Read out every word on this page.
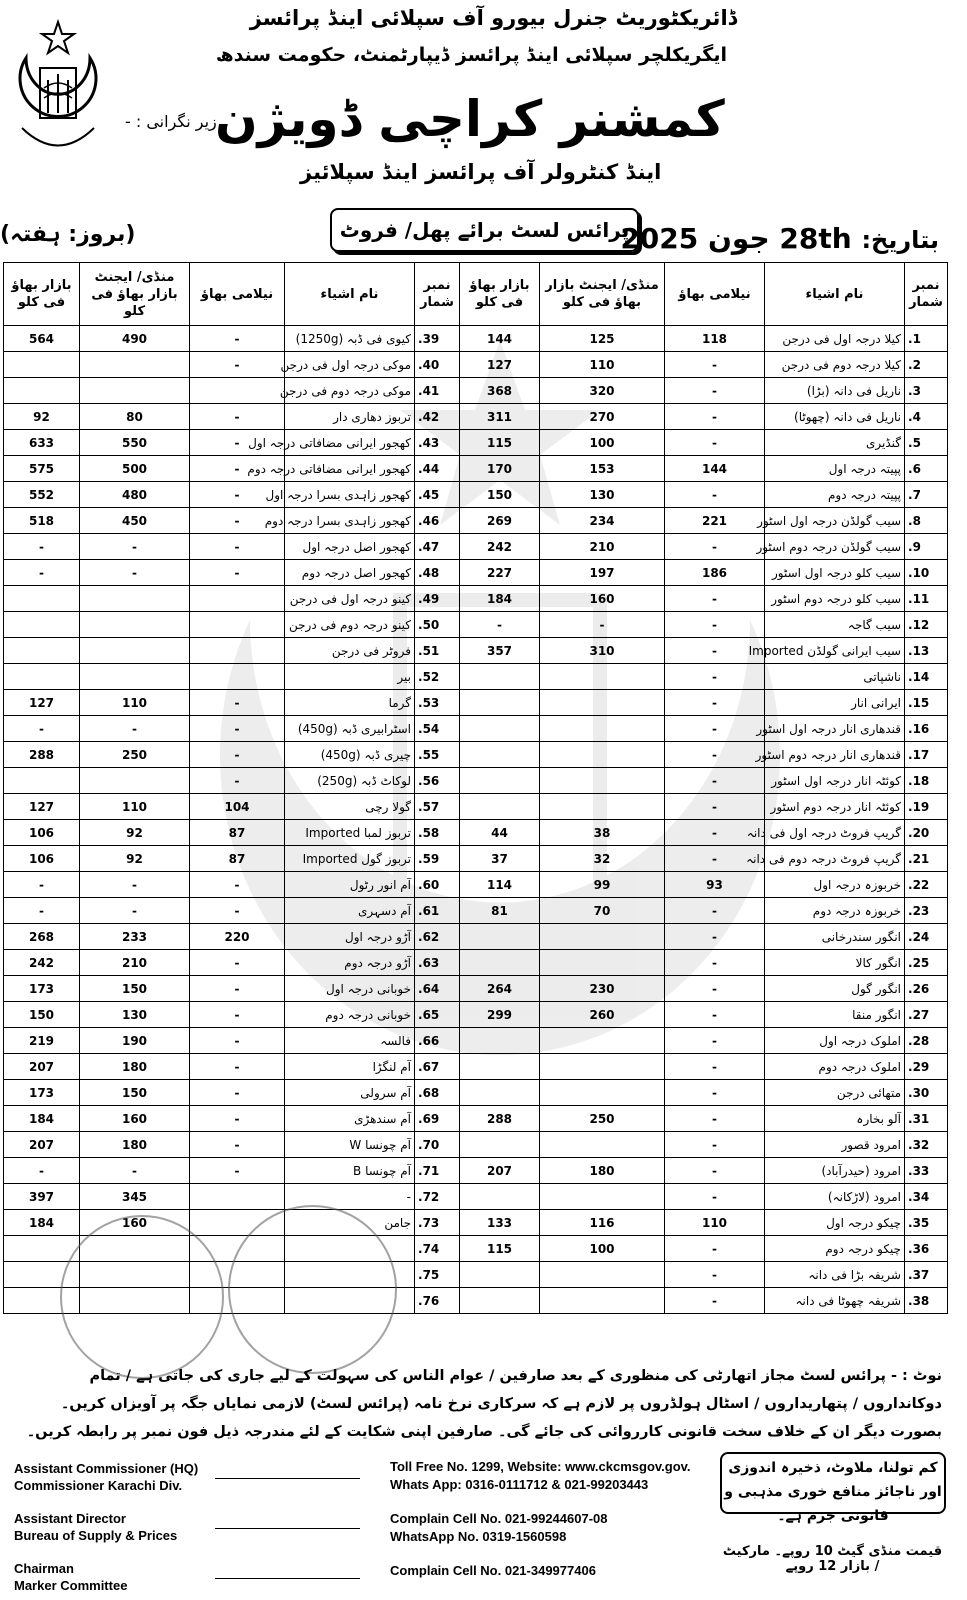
ڈائریکٹوریٹ جنرل بیورو آف سپلائی اینڈ پرائسز
ایگریکلچر سپلائی اینڈ پرائسز ڈیپارٹمنٹ، حکومت سندھ
زیر نگرانی : -
کمشنر کراچی ڈویژن
اینڈ کنٹرولر آف پرائسز اینڈ سپلائیز
پرائس لسٹ برائے پھل/ فروٹ
(بروز: ہفتہ)	بتاریخ: 28th جون 2025
نمبر شمار	نام اشیاء	نیلامی بھاؤ	منڈی/ ایجنٹ بازار بھاؤ فی کلو	بازار بھاؤ فی کلو	نمبر شمار	نام اشیاء	نیلامی بھاؤ	منڈی/ ایجنٹ بازار بھاؤ فی کلو	بازار بھاؤ فی کلو
1.	کیلا درجہ اول فی درجن	118	125	144	39.	کیوی فی ڈبہ (1250g)	-	490	564
2.	کیلا درجہ دوم فی درجن	-	110	127	40.	موکی درجہ اول فی درجن	-		
3.	ناریل فی دانہ (بڑا)	-	320	368	41.	موکی درجہ دوم فی درجن			
4.	ناریل فی دانہ (چھوٹا)	-	270	311	42.	تربوز دھاری دار	-	80	92
5.	گنڈیری	-	100	115	43.	کھجور ایرانی مضافاتی درجہ اول	-	550	633
6.	پپیتہ درجہ اول	144	153	170	44.	کھجور ایرانی مضافاتی درجہ دوم	-	500	575
7.	پپیتہ درجہ دوم	-	130	150	45.	کھجور زاہدی بسرا درجہ اول	-	480	552
8.	سیب گولڈن درجہ اول اسٹور	221	234	269	46.	کھجور زاہدی بسرا درجہ دوم	-	450	518
9.	سیب گولڈن درجہ دوم اسٹور	-	210	242	47.	کھجور اصل درجہ اول	-	-	-
10.	سیب کلو درجہ اول اسٹور	186	197	227	48.	کھجور اصل درجہ دوم	-	-	-
11.	سیب کلو درجہ دوم اسٹور	-	160	184	49.	کینو درجہ اول فی درجن			
12.	سیب گاجہ	-	-	-	50.	کینو درجہ دوم فی درجن			
13.	سیب ایرانی گولڈن Imported	-	310	357	51.	فروٹر فی درجن			
14.	ناشپاتی	-			52.	بیر			
15.	ایرانی انار	-			53.	گرما	-	110	127
16.	قندھاری انار درجہ اول اسٹور	-			54.	اسٹرابیری ڈبہ (450g)	-	-	-
17.	قندھاری انار درجہ دوم اسٹور	-			55.	چیری ڈبہ (450g)	-	250	288
18.	کوئٹہ انار درجہ اول اسٹور	-			56.	لوکاٹ ڈبہ (250g)	-		
19.	کوئٹہ انار درجہ دوم اسٹور	-			57.	گولا رچی	104	110	127
20.	گریپ فروٹ درجہ اول فی دانہ	-	38	44	58.	تربوز لمبا Imported	87	92	106
21.	گریپ فروٹ درجہ دوم فی دانہ	-	32	37	59.	تربوز گول Imported	87	92	106
22.	خربوزہ درجہ اول	93	99	114	60.	آم انور رٹول	-	-	-
23.	خربوزہ درجہ دوم	-	70	81	61.	آم دسہری	-	-	-
24.	انگور سندرخانی	-			62.	آڑو درجہ اول	220	233	268
25.	انگور کالا	-			63.	آڑو درجہ دوم	-	210	242
26.	انگور گول	-	230	264	64.	خوبانی درجہ اول	-	150	173
27.	انگور منقا	-	260	299	65.	خوبانی درجہ دوم	-	130	150
28.	املوک درجہ اول	-			66.	فالسہ	-	190	219
29.	املوک درجہ دوم	-			67.	آم لنگڑا	-	180	207
30.	متھائی درجن	-			68.	آم سرولی	-	150	173
31.	آلو بخارہ	-	250	288	69.	آم سندھڑی	-	160	184
32.	امرود قصور	-			70.	آم چونسا W	-	180	207
33.	امرود (حیدرآباد)	-	180	207	71.	آم چونسا B	-	-	-
34.	امرود (لاڑکانہ)	-			72.	-		345	397
35.	چیکو درجہ اول	110	116	133	73.	جامن		160	184
36.	چیکو درجہ دوم	-	100	115	74.				
37.	شریفہ بڑا فی دانہ	-			75.				
38.	شریفہ چھوٹا فی دانہ	-			76.				
نوٹ : - پرائس لسٹ مجاز اتھارٹی کی منظوری کے بعد صارفین / عوام الناس کی سہولت کے لیے جاری کی جاتی ہے / تمام دوکانداروں / پتھاریداروں / اسٹال ہولڈروں پر لازم ہے کہ سرکاری نرخ نامہ (پرائس لسٹ) لازمی نمایاں جگہ پر آویزاں کریں۔ بصورت دیگر ان کے خلاف سخت قانونی کارروائی کی جائے گی۔ صارفین اپنی شکایت کے لئے مندرجہ ذیل فون نمبر پر رابطہ کریں۔
Assistant Commissioner (HQ)
Commissioner Karachi Div.
Assistant Director
Bureau of Supply & Prices
Chairman
Marker Committee
Toll Free No. 1299, Website: www.ckcmsgov.gov.
Whats App: 0316-0111712 & 021-99203443
Complain Cell No. 021-99244607-08
WhatsApp No. 0319-1560598
Complain Cell No. 021-349977406
کم تولنا، ملاوٹ، ذخیرہ اندوزی اور ناجائز منافع خوری مذہبی و قانونی جرم ہے۔
قیمت منڈی گیٹ 10 روپے۔ مارکیٹ / بازار 12 روپے
